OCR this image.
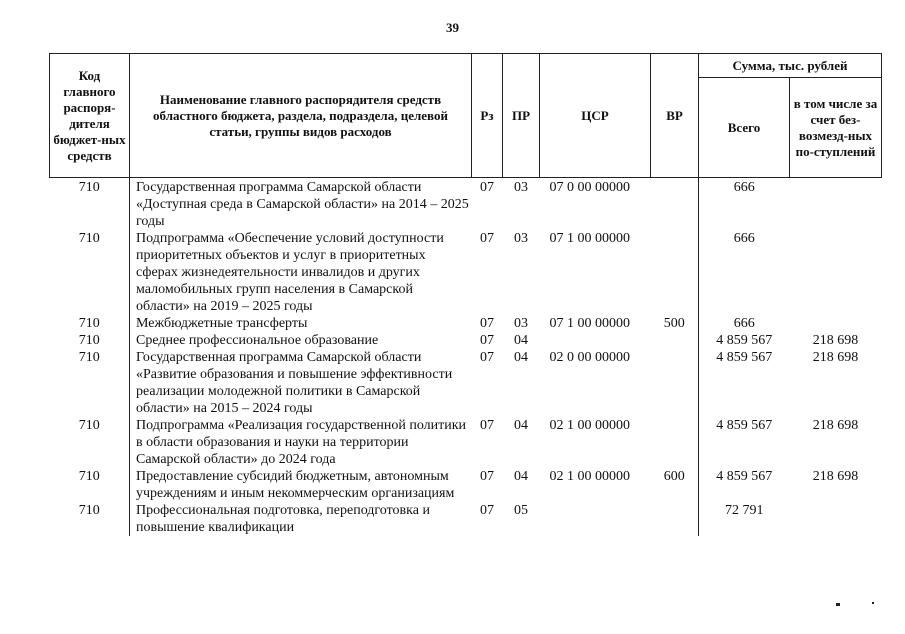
39
Код главного распоря-дителя бюджет-ных средств	Наименование главного распорядителя средств областного бюджета, раздела, подраздела, целевой статьи, группы видов расходов	Рз	ПР	ЦСР	ВР	Сумма, тыс. рублей	
						Всего	в том числе за счет без-возмезд-ных по-ступлений
710	Государственная программа Самарской области «Доступная среда в Самарской области» на 2014 – 2025 годы	07	03	07 0 00 00000		666	
710	Подпрограмма «Обеспечение условий доступности приоритетных объектов и услуг в приоритетных сферах жизнедеятельности инвалидов и других маломобильных групп населения в Самарской области» на 2019 – 2025 годы	07	03	07 1 00 00000		666	
710	Межбюджетные трансферты	07	03	07 1 00 00000	500	666	
710	Среднее профессиональное образование	07	04			4 859 567	218 698
710	Государственная программа Самарской области «Развитие образования и повышение эффективности реализации молодежной политики в Самарской области» на 2015 – 2024 годы	07	04	02 0 00 00000		4 859 567	218 698
710	Подпрограмма «Реализация государственной политики в области образования и науки на территории Самарской области» до 2024 года	07	04	02 1 00 00000		4 859 567	218 698
710	Предоставление субсидий бюджетным, автономным учреждениям и иным некоммерческим организациям	07	04	02 1 00 00000	600	4 859 567	218 698
710	Профессиональная подготовка, переподготовка и повышение квалификации	07	05			72 791	
